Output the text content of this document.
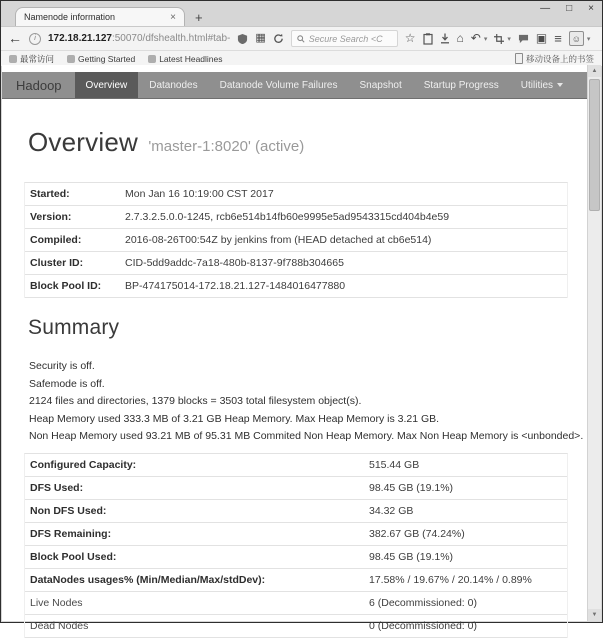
Namenode information	× +
— □ ×
←	i	172.18.21.127 :50070/dfshealth.html#tab- ▦	Secure Search <C ☆	⌂ ↶ ▾	▾ ▣ ≡	☺ ▾
最常访问	Getting Started	Latest Headlines	移动设备上的书签
Hadoop	Overview	Datanodes	Datanode Volume Failures	Snapshot	Startup Progress	Utilities
Overview 'master-1:8020' (active)
Started:	Mon Jan 16 10:19:00 CST 2017
Version:	2.7.3.2.5.0.0-1245, rcb6e514b14fb60e9995e5ad9543315cd404b4e59
Compiled:	2016-08-26T00:54Z by jenkins from (HEAD detached at cb6e514)
Cluster ID:	CID-5dd9addc-7a18-480b-8137-9f788b304665
Block Pool ID:	BP-474175014-172.18.21.127-1484016477880
Summary
Security is off.
Safemode is off.
2124 files and directories, 1379 blocks = 3503 total filesystem object(s).
Heap Memory used 333.3 MB of 3.21 GB Heap Memory. Max Heap Memory is 3.21 GB.
Non Heap Memory used 93.21 MB of 95.31 MB Commited Non Heap Memory. Max Non Heap Memory is <unbonded>.
Configured Capacity:	515.44 GB
DFS Used:	98.45 GB (19.1%)
Non DFS Used:	34.32 GB
DFS Remaining:	382.67 GB (74.24%)
Block Pool Used:	98.45 GB (19.1%)
DataNodes usages% (Min/Median/Max/stdDev):	17.58% / 19.67% / 20.14% / 0.89%
Live Nodes	6 (Decommissioned: 0)
Dead Nodes	0 (Decommissioned: 0)
▲
▼
